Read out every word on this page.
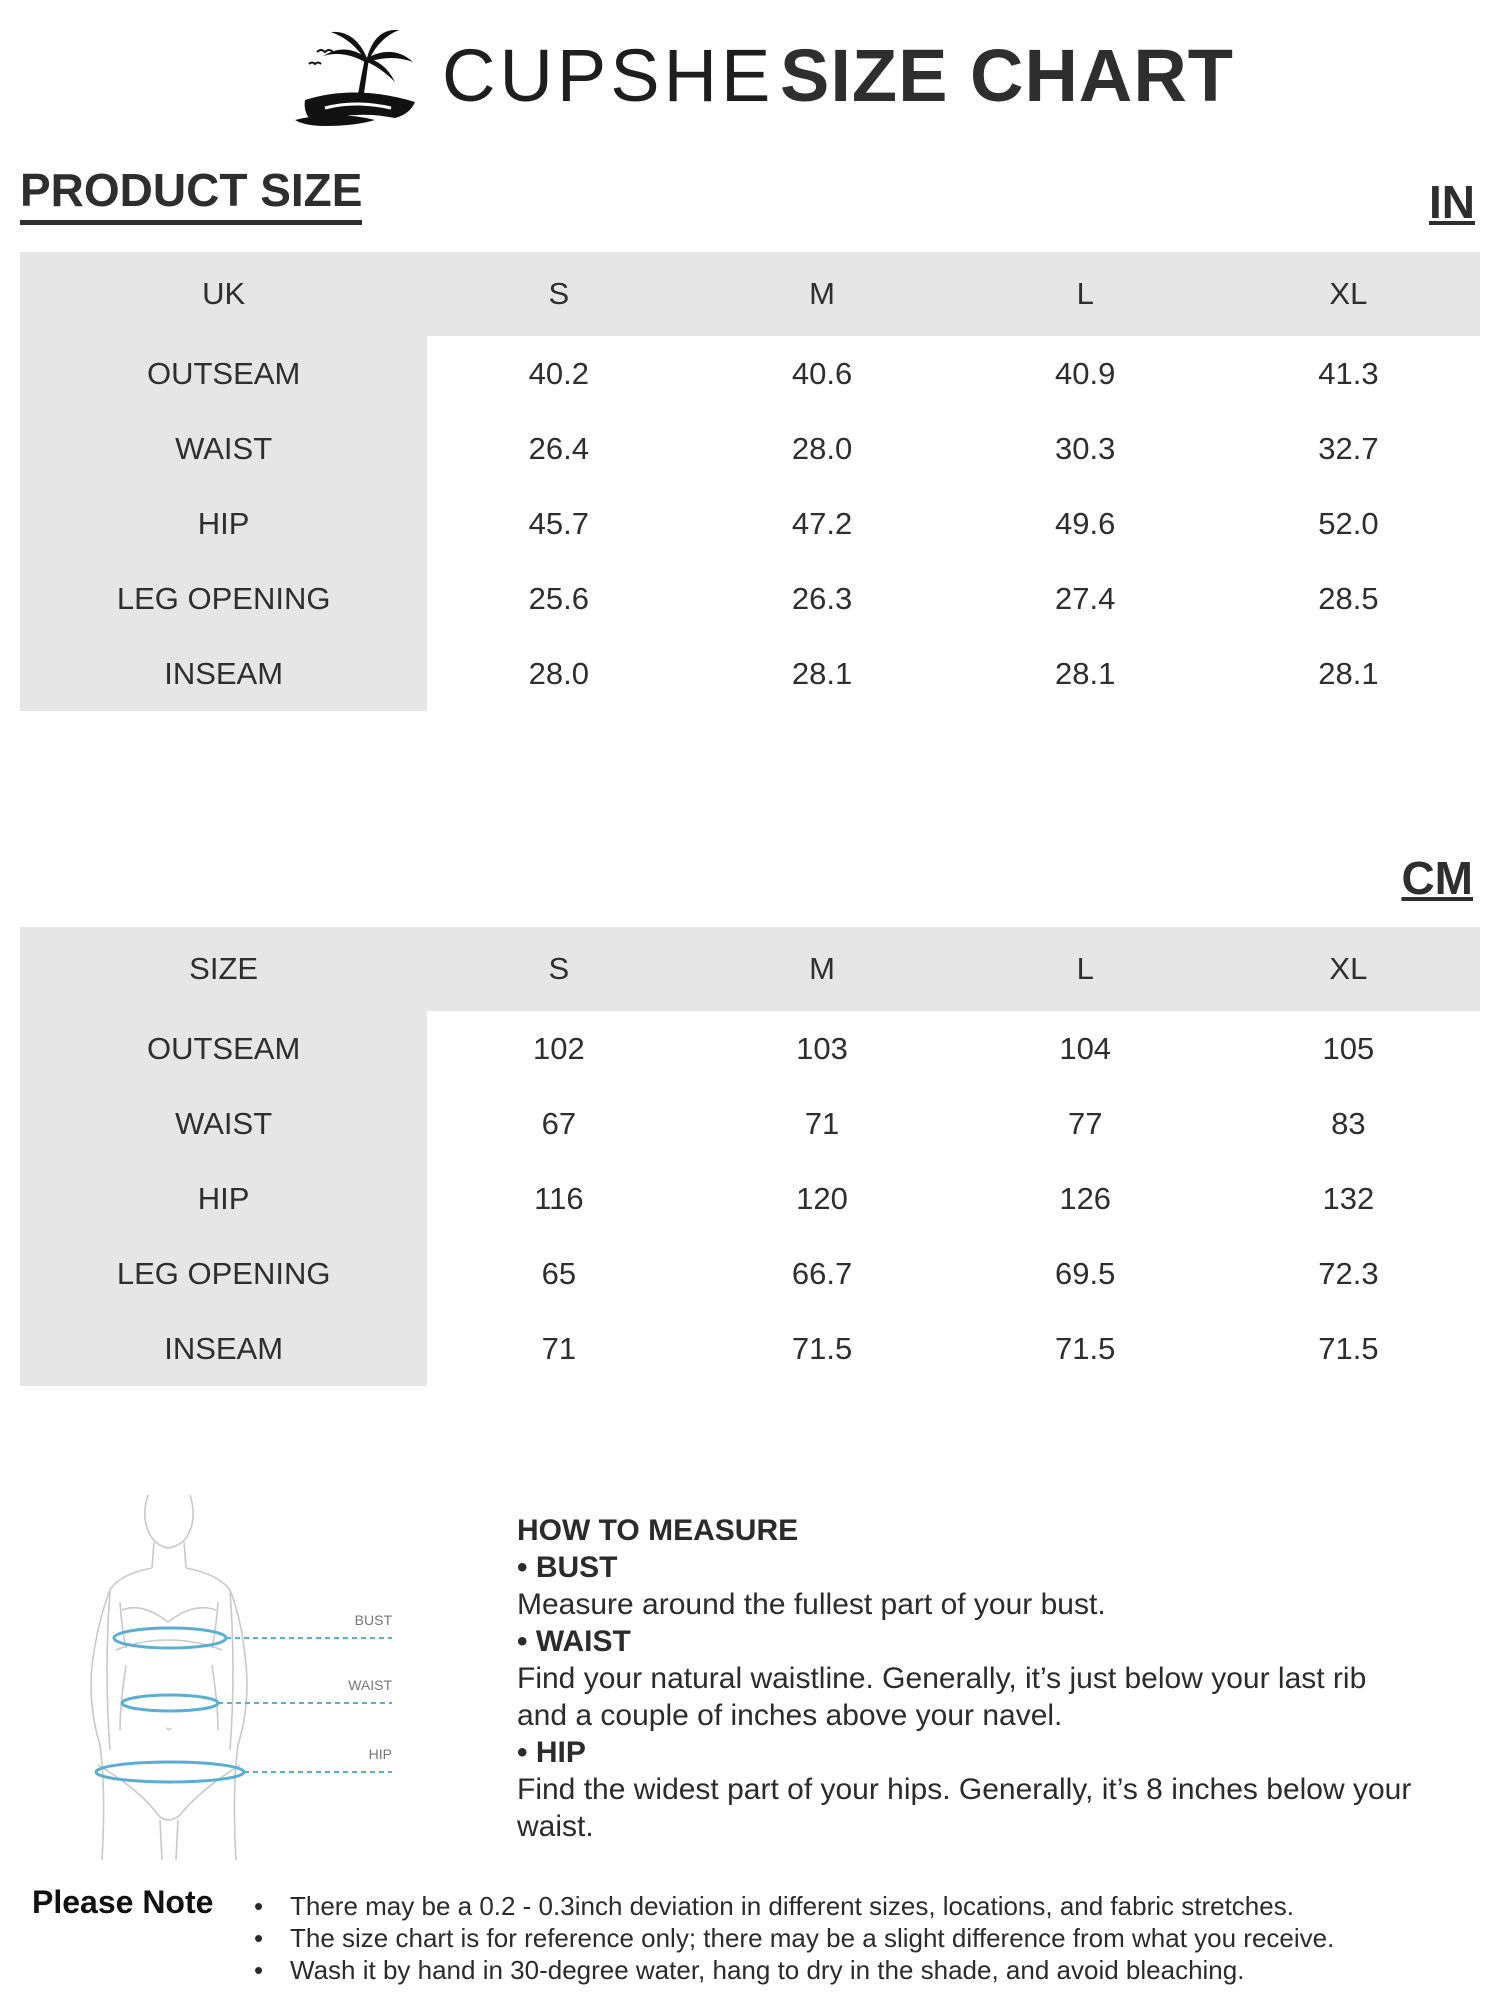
CUPSHE SIZE CHART
PRODUCT SIZE	IN
UK	S	M	L	XL
OUTSEAM	40.2	40.6	40.9	41.3
WAIST	26.4	28.0	30.3	32.7
HIP	45.7	47.2	49.6	52.0
LEG OPENING	25.6	26.3	27.4	28.5
INSEAM	28.0	28.1	28.1	28.1
CM
SIZE	S	M	L	XL
OUTSEAM	102	103	104	105
WAIST	67	71	77	83
HIP	116	120	126	132
LEG OPENING	65	66.7	69.5	72.3
INSEAM	71	71.5	71.5	71.5
BUST
WAIST
HIP
HOW TO MEASURE
• BUST
Measure around the fullest part of your bust.
• WAIST
Find your natural waistline. Generally, it’s just below your last rib and a couple of inches above your navel.
• HIP
Find the widest part of your hips. Generally, it’s 8 inches below your waist.
Please Note	• There may be a 0.2 - 0.3inch deviation in different sizes, locations, and fabric stretches.
• The size chart is for reference only; there may be a slight difference from what you receive.
• Wash it by hand in 30-degree water, hang to dry in the shade, and avoid bleaching.
